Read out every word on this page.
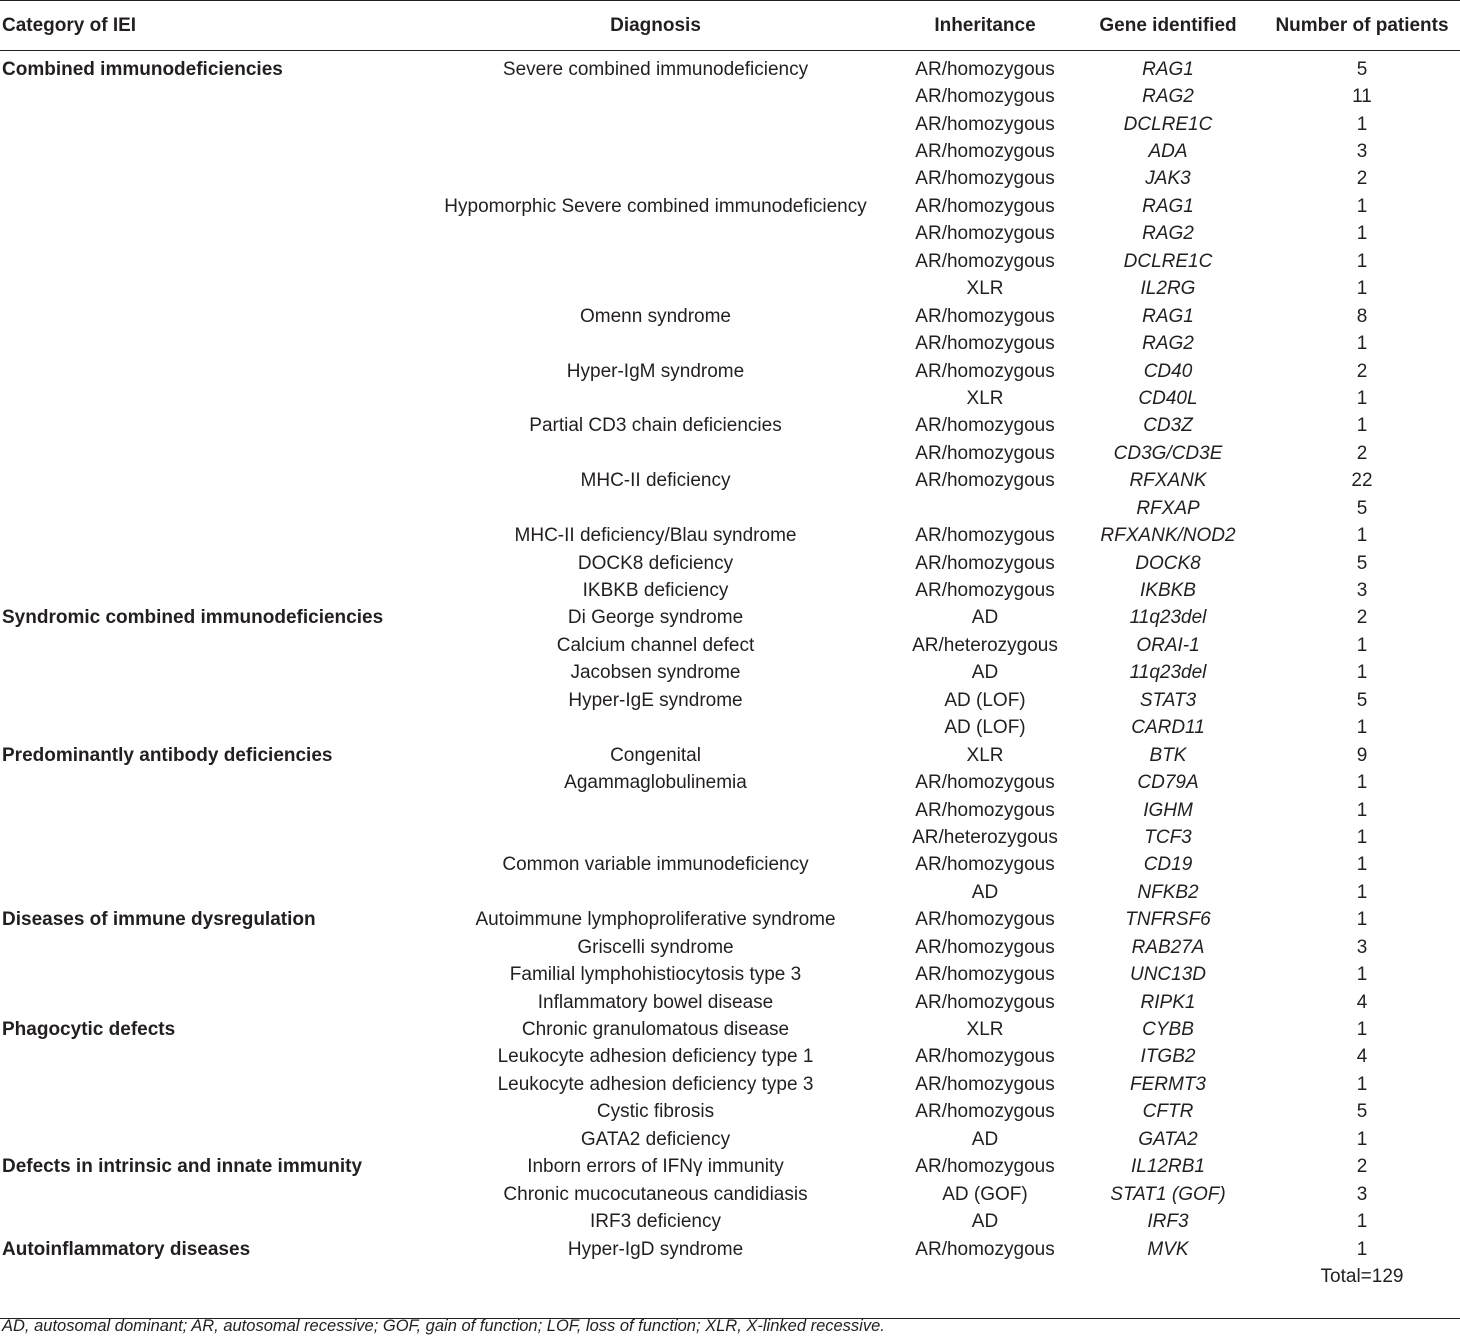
Category of IEI	Diagnosis	Inheritance	Gene identified	Number of patients

Combined immunodeficiencies	Severe combined immunodeficiency	AR/homozygous	RAG1	5
		AR/homozygous	RAG2	11
		AR/homozygous	DCLRE1C	1
		AR/homozygous	ADA	3
		AR/homozygous	JAK3	2
	Hypomorphic Severe combined immunodeficiency	AR/homozygous	RAG1	1
		AR/homozygous	RAG2	1
		AR/homozygous	DCLRE1C	1
		XLR	IL2RG	1
	Omenn syndrome	AR/homozygous	RAG1	8
		AR/homozygous	RAG2	1
	Hyper-IgM syndrome	AR/homozygous	CD40	2
		XLR	CD40L	1
	Partial CD3 chain deficiencies	AR/homozygous	CD3Z	1
		AR/homozygous	CD3G/CD3E	2
	MHC-II deficiency	AR/homozygous	RFXANK	22
			RFXAP	5
	MHC-II deficiency/Blau syndrome	AR/homozygous	RFXANK/NOD2	1
	DOCK8 deficiency	AR/homozygous	DOCK8	5
	IKBKB deficiency	AR/homozygous	IKBKB	3
Syndromic combined immunodeficiencies	Di George syndrome	AD	11q23del	2
	Calcium channel defect	AR/heterozygous	ORAI-1	1
	Jacobsen syndrome	AD	11q23del	1
	Hyper-IgE syndrome	AD (LOF)	STAT3	5
		AD (LOF)	CARD11	1
Predominantly antibody deficiencies	Congenital	XLR	BTK	9
	Agammaglobulinemia	AR/homozygous	CD79A	1
		AR/homozygous	IGHM	1
		AR/heterozygous	TCF3	1
	Common variable immunodeficiency	AR/homozygous	CD19	1
		AD	NFKB2	1
Diseases of immune dysregulation	Autoimmune lymphoproliferative syndrome	AR/homozygous	TNFRSF6	1
	Griscelli syndrome	AR/homozygous	RAB27A	3
	Familial lymphohistiocytosis type 3	AR/homozygous	UNC13D	1
	Inflammatory bowel disease	AR/homozygous	RIPK1	4
Phagocytic defects	Chronic granulomatous disease	XLR	CYBB	1
	Leukocyte adhesion deficiency type 1	AR/homozygous	ITGB2	4
	Leukocyte adhesion deficiency type 3	AR/homozygous	FERMT3	1
	Cystic fibrosis	AR/homozygous	CFTR	5
	GATA2 deficiency	AD	GATA2	1
Defects in intrinsic and innate immunity	Inborn errors of IFNγ immunity	AR/homozygous	IL12RB1	2
	Chronic mucocutaneous candidiasis	AD (GOF)	STAT1 (GOF)	3
	IRF3 deficiency	AD	IRF3	1
Autoinflammatory diseases	Hyper-IgD syndrome	AR/homozygous	MVK	1
				Total=129

AD, autosomal dominant; AR, autosomal recessive; GOF, gain of function; LOF, loss of function; XLR, X-linked recessive.
